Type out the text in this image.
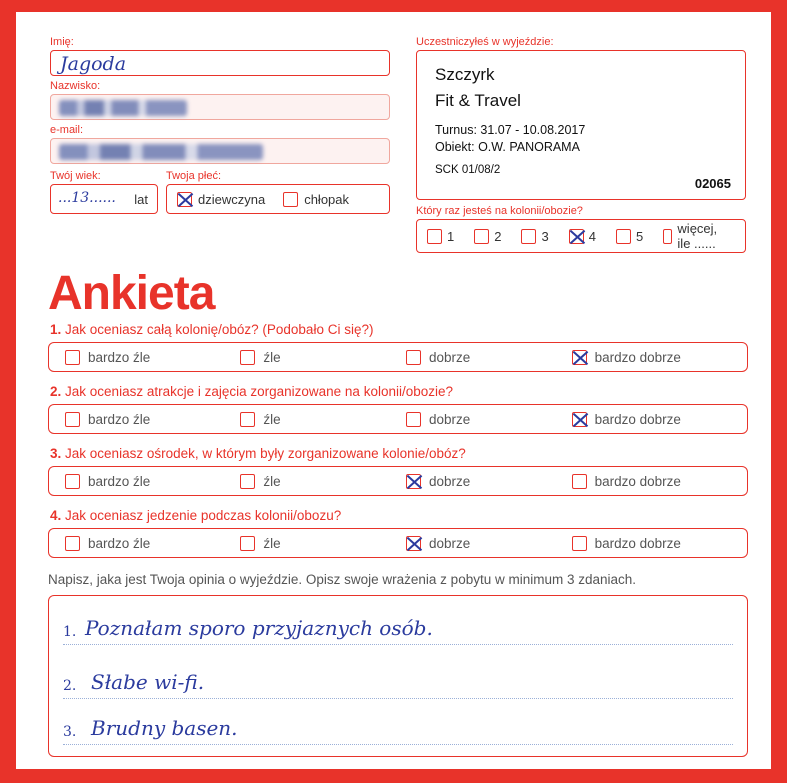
Imię:
Jagoda
Nazwisko:
e-mail:
Twój wiek:
...13...... lat
Twoja płeć:
dziewczyna	chłopak
Uczestniczyłeś w wyjeździe:
Szczyrk
Fit & Travel
Turnus: 31.07 - 10.08.2017
Obiekt: O.W. PANORAMA
SCK 01/08/2
02065
Który raz jesteś na kolonii/obozie?
1	2	3	4	5	więcej, ile ......
Ankieta
1. Jak oceniasz całą kolonię/obóz? (Podobało Ci się?)
bardzo źle	źle	dobrze	bardzo dobrze
2. Jak oceniasz atrakcje i zajęcia zorganizowane na kolonii/obozie?
bardzo źle	źle	dobrze	bardzo dobrze
3. Jak oceniasz ośrodek, w którym były zorganizowane kolonie/obóz?
bardzo źle	źle	dobrze	bardzo dobrze
4. Jak oceniasz jedzenie podczas kolonii/obozu?
bardzo źle	źle	dobrze	bardzo dobrze
Napisz, jaka jest Twoja opinia o wyjeździe. Opisz swoje wrażenia z pobytu w minimum 3 zdaniach.
1. Poznałam sporo przyjaznych osób.
2. Słabe wi-fi.
3. Brudny basen.
